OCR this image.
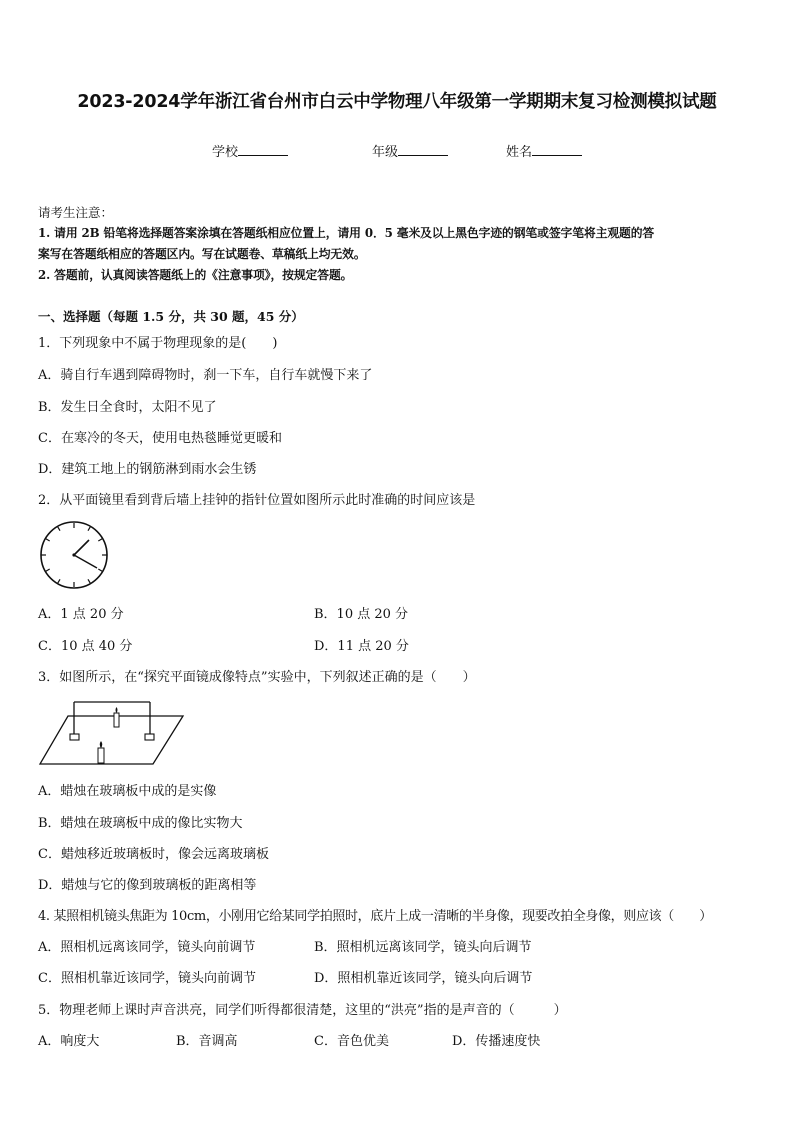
2023-2024学年浙江省台州市白云中学物理八年级第一学期期末复习检测模拟试题
学校	年级	姓名
请考生注意：
1. 请用 2B 铅笔将选择题答案涂填在答题纸相应位置上，请用 0．5 毫米及以上黑色字迹的钢笔或签字笔将主观题的答
案写在答题纸相应的答题区内。写在试题卷、草稿纸上均无效。
2. 答题前，认真阅读答题纸上的《注意事项》，按规定答题。
一、选择题（每题 1.5 分，共 30 题，45 分）
1．下列现象中不属于物理现象的是(　　)
A．骑自行车遇到障碍物时，刹一下车，自行车就慢下来了
B．发生日全食时，太阳不见了
C．在寒冷的冬天，使用电热毯睡觉更暖和
D．建筑工地上的钢筋淋到雨水会生锈
2．从平面镜里看到背后墙上挂钟的指针位置如图所示此时准确的时间应该是
A．1 点 20 分	B．10 点 20 分
C．10 点 40 分	D．11 点 20 分
3．如图所示，在“探究平面镜成像特点”实验中，下列叙述正确的是（　　）
A．蜡烛在玻璃板中成的是实像
B．蜡烛在玻璃板中成的像比实物大
C．蜡烛移近玻璃板时，像会远离玻璃板
D．蜡烛与它的像到玻璃板的距离相等
4. 某照相机镜头焦距为 10cm，小刚用它给某同学拍照时，底片上成一清晰的半身像，现要改拍全身像，则应该（　　）
A．照相机远离该同学，镜头向前调节	B．照相机远离该同学，镜头向后调节
C．照相机靠近该同学，镜头向前调节	D．照相机靠近该同学，镜头向后调节
5．物理老师上课时声音洪亮，同学们听得都很清楚，这里的“洪亮”指的是声音的（　　　）
A．响度大	B．音调高	C．音色优美	D．传播速度快
